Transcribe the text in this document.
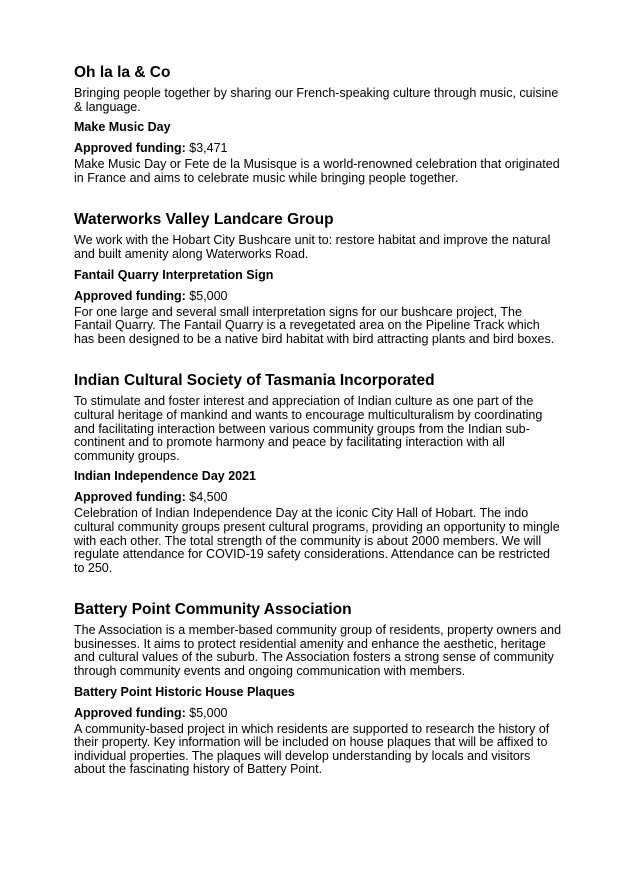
Oh la la & Co
Bringing people together by sharing our French-speaking culture through music, cuisine & language.
Make Music Day
Approved funding: $3,471
Make Music Day or Fete de la Musisque is a world-renowned celebration that originated in France and aims to celebrate music while bringing people together.
Waterworks Valley Landcare Group
We work with the Hobart City Bushcare unit to: restore habitat and improve the natural and built amenity along Waterworks Road.
Fantail Quarry Interpretation Sign
Approved funding: $5,000
For one large and several small interpretation signs for our bushcare project, The Fantail Quarry. The Fantail Quarry is a revegetated area on the Pipeline Track which has been designed to be a native bird habitat with bird attracting plants and bird boxes.
Indian Cultural Society of Tasmania Incorporated
To stimulate and foster interest and appreciation of Indian culture as one part of the cultural heritage of mankind and wants to encourage multiculturalism by coordinating and facilitating interaction between various community groups from the Indian sub-continent and to promote harmony and peace by facilitating interaction with all community groups.
Indian Independence Day 2021
Approved funding: $4,500
Celebration of Indian Independence Day at the iconic City Hall of Hobart. The indo cultural community groups present cultural programs, providing an opportunity to mingle with each other. The total strength of the community is about 2000 members. We will regulate attendance for COVID-19 safety considerations. Attendance can be restricted to 250.
Battery Point Community Association
The Association is a member-based community group of residents, property owners and businesses. It aims to protect residential amenity and enhance the aesthetic, heritage and cultural values of the suburb. The Association fosters a strong sense of community through community events and ongoing communication with members.
Battery Point Historic House Plaques
Approved funding: $5,000
A community-based project in which residents are supported to research the history of their property. Key information will be included on house plaques that will be affixed to individual properties. The plaques will develop understanding by locals and visitors about the fascinating history of Battery Point.
